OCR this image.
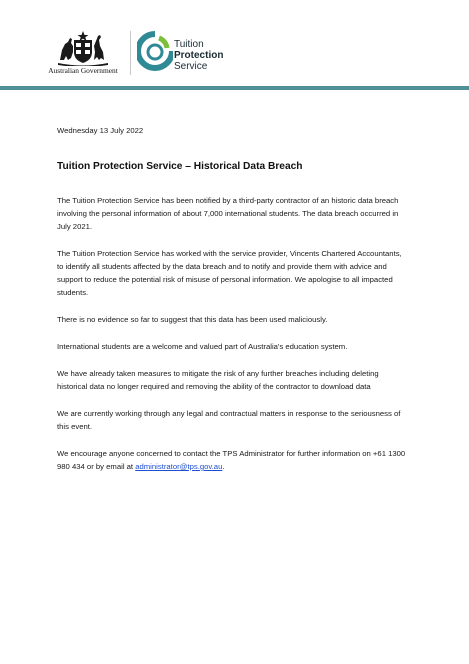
Australian Government
Tuition
Protection
Service

Wednesday 13 July 2022

Tuition Protection Service – Historical Data Breach

The Tuition Protection Service has been notified by a third-party contractor of an historic data breach involving the personal information of about 7,000 international students. The data breach occurred in July 2021.

The Tuition Protection Service has worked with the service provider, Vincents Chartered Accountants, to identify all students affected by the data breach and to notify and provide them with advice and support to reduce the potential risk of misuse of personal information. We apologise to all impacted students.

There is no evidence so far to suggest that this data has been used maliciously.

International students are a welcome and valued part of Australia's education system.

We have already taken measures to mitigate the risk of any further breaches including deleting historical data no longer required and removing the ability of the contractor to download data

We are currently working through any legal and contractual matters in response to the seriousness of this event.

We encourage anyone concerned to contact the TPS Administrator for further information on +61 1300 980 434 or by email at administrator@tps.gov.au.
